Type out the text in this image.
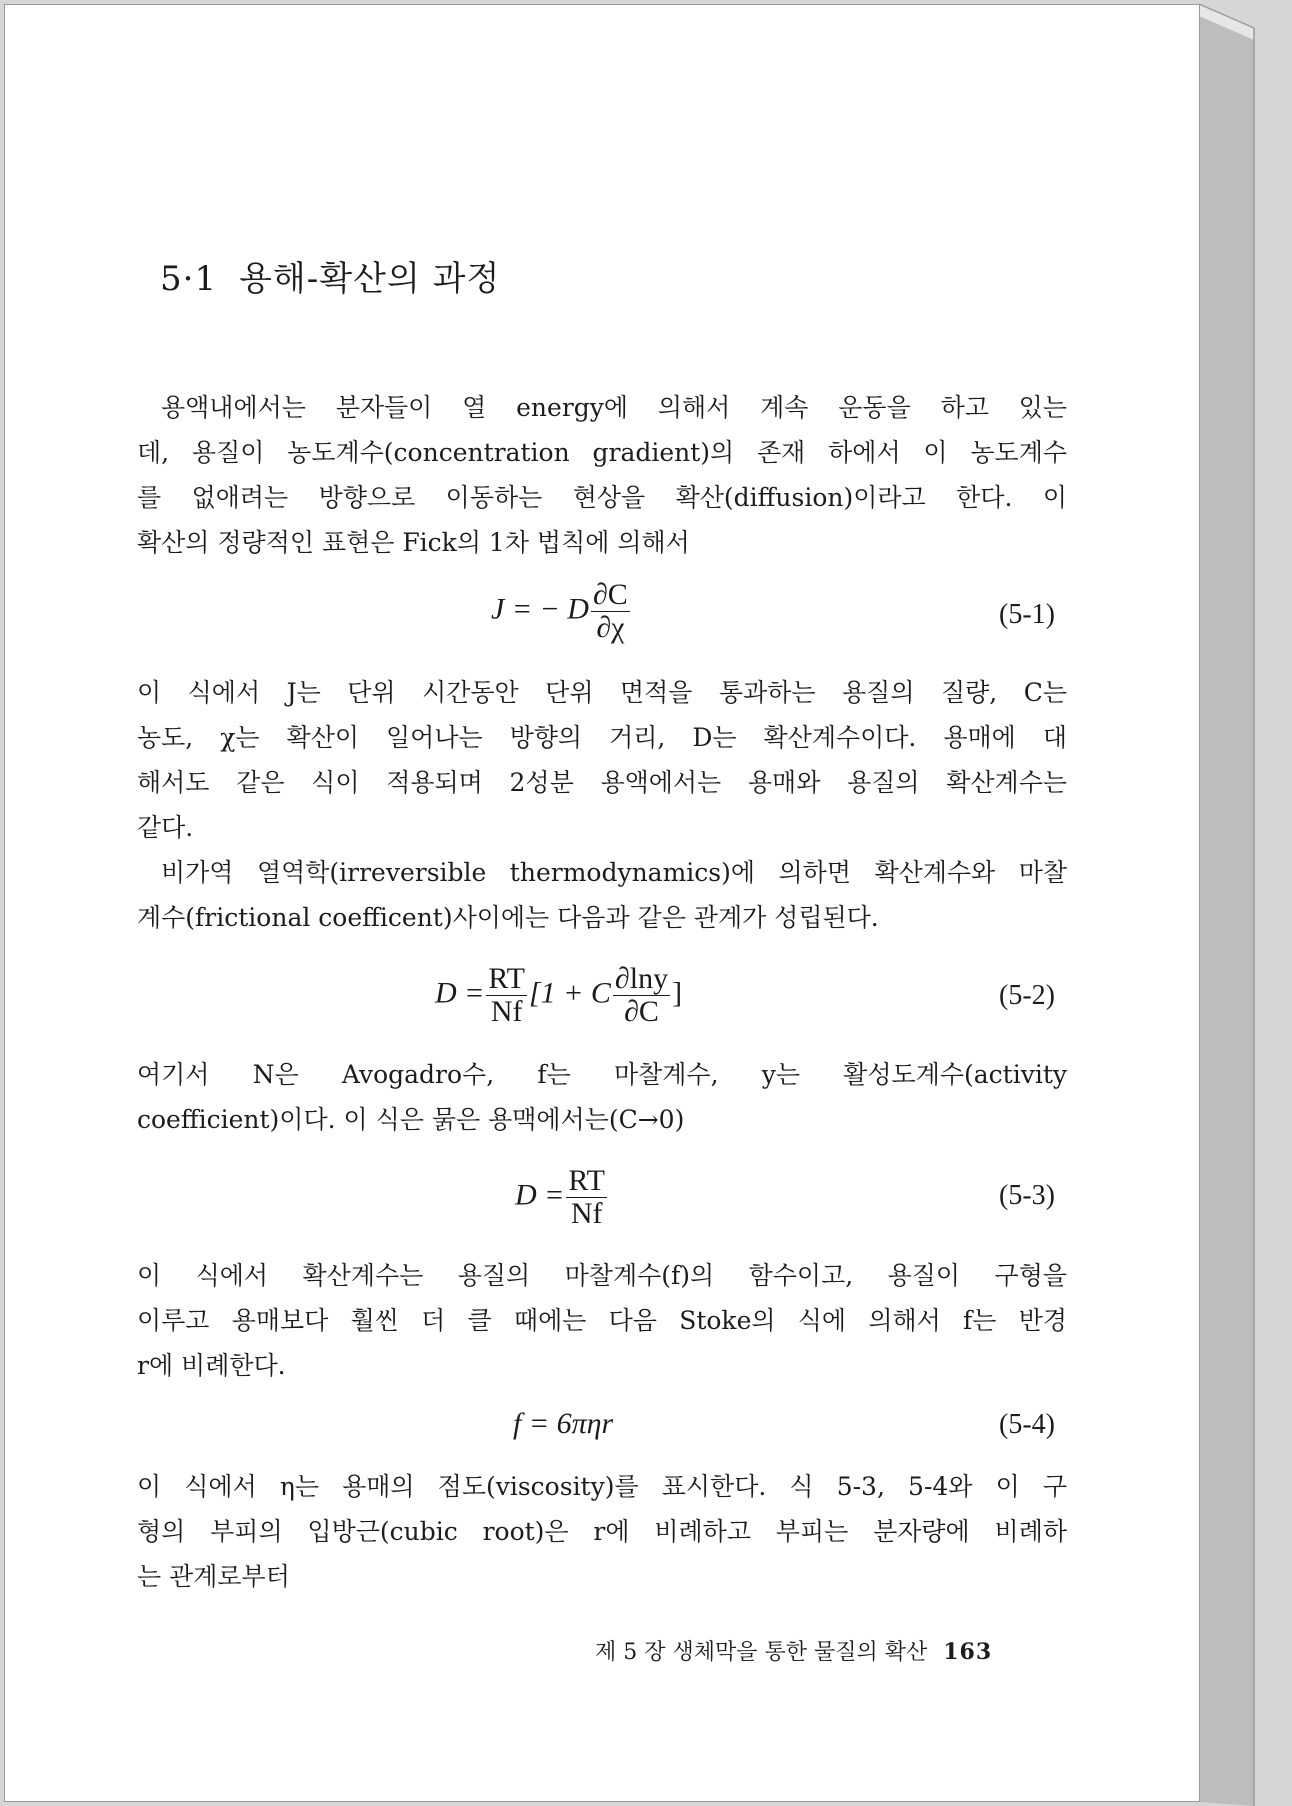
5·1 용해-확산의 과정
용액내에서는 분자들이 열 energy에 의해서 계속 운동을 하고 있는
데, 용질이 농도계수(concentration gradient)의 존재 하에서 이 농도계수
를 없애려는 방향으로 이동하는 현상을 확산(diffusion)이라고 한다. 이
확산의 정량적인 표현은 Fick의 1차 법칙에 의해서
J = − D $\frac{\partial C}{\partial\chi}$	(5-1)
이 식에서 J는 단위 시간동안 단위 면적을 통과하는 용질의 질량, C는
농도, χ는 확산이 일어나는 방향의 거리, D는 확산계수이다. 용매에 대
해서도 같은 식이 적용되며 2성분 용액에서는 용매와 용질의 확산계수는
같다.
비가역 열역학(irreversible thermodynamics)에 의하면 확산계수와 마찰
계수(frictional coefficent)사이에는 다음과 같은 관계가 성립된다.
$D = \frac{RT}{Nf} [1 + C \frac{\partial\ln y}{\partial C}$ ]	(5-2)
여기서 N은 Avogadro수, f는 마찰계수, y는 활성도계수(activity
coefficient)이다. 이 식은 묽은 용맥에서는(C→0)
$D = \frac{RT}{Nf}$	(5-3)
이 식에서 확산계수는 용질의 마찰계수(f)의 함수이고, 용질이 구형을
이루고 용매보다 훨씬 더 클 때에는 다음 Stoke의 식에 의해서 f는 반경
r에 비례한다.
f = 6πηr	(5-4)
이 식에서 η는 용매의 점도(viscosity)를 표시한다. 식 5-3, 5-4와 이 구
형의 부피의 입방근(cubic root)은 r에 비례하고 부피는 분자량에 비례하
는 관계로부터
제 5 장 생체막을 통한 물질의 확산 163
